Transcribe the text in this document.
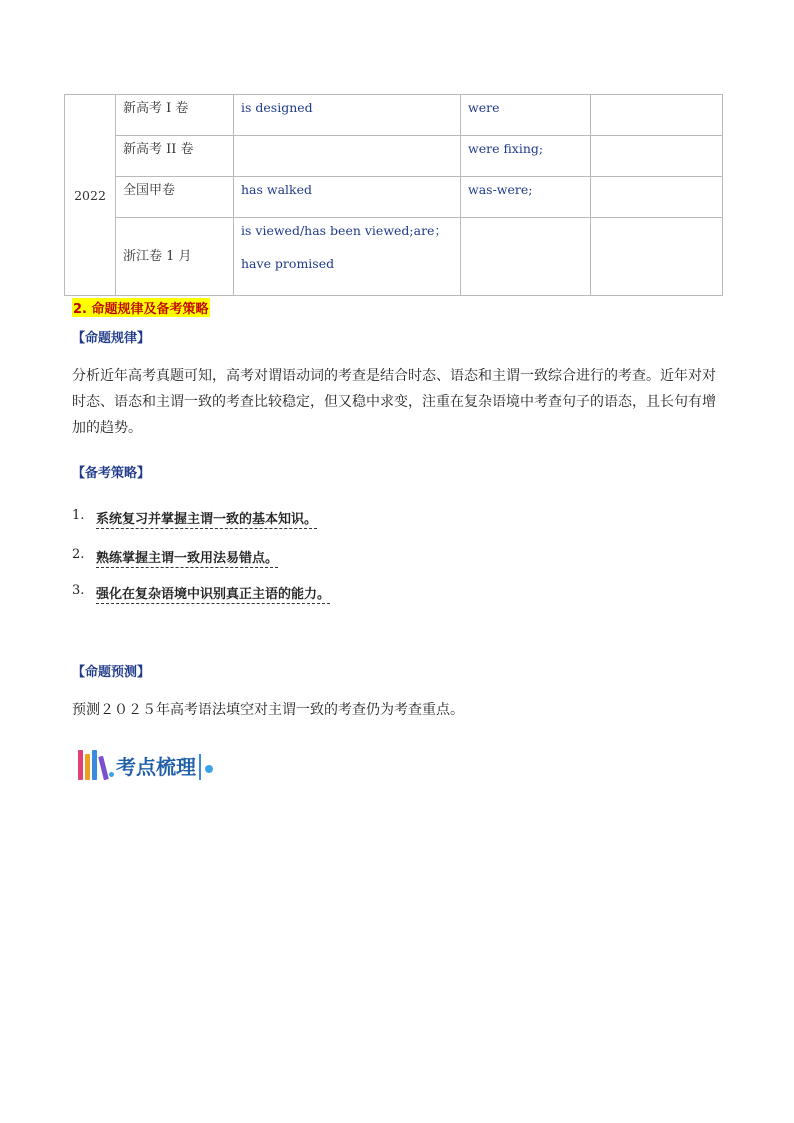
2022	新高考 I 卷	is designed	were	

	新高考 II 卷		were fixing;	

	全国甲卷	has walked	was-were;	

	浙江卷 1 月	is viewed/has been viewed;are；
have promised		

2. 命题规律及备考策略
【命题规律】
分析近年高考真题可知，高考对谓语动词的考查是结合时态、语态和主谓一致综合进行的考查。近年对对时态、语态和主谓一致的考查比较稳定，但又稳中求变，注重在复杂语境中考查句子的语态，且长句有增加的趋势。
【备考策略】
1. 系统复习并掌握主谓一致的基本知识。
2. 熟练掌握主谓一致用法易错点。
3. 强化在复杂语境中识别真正主语的能力。
【命题预测】
预测２０２５年高考语法填空对主谓一致的考查仍为考查重点。
考点梳理
